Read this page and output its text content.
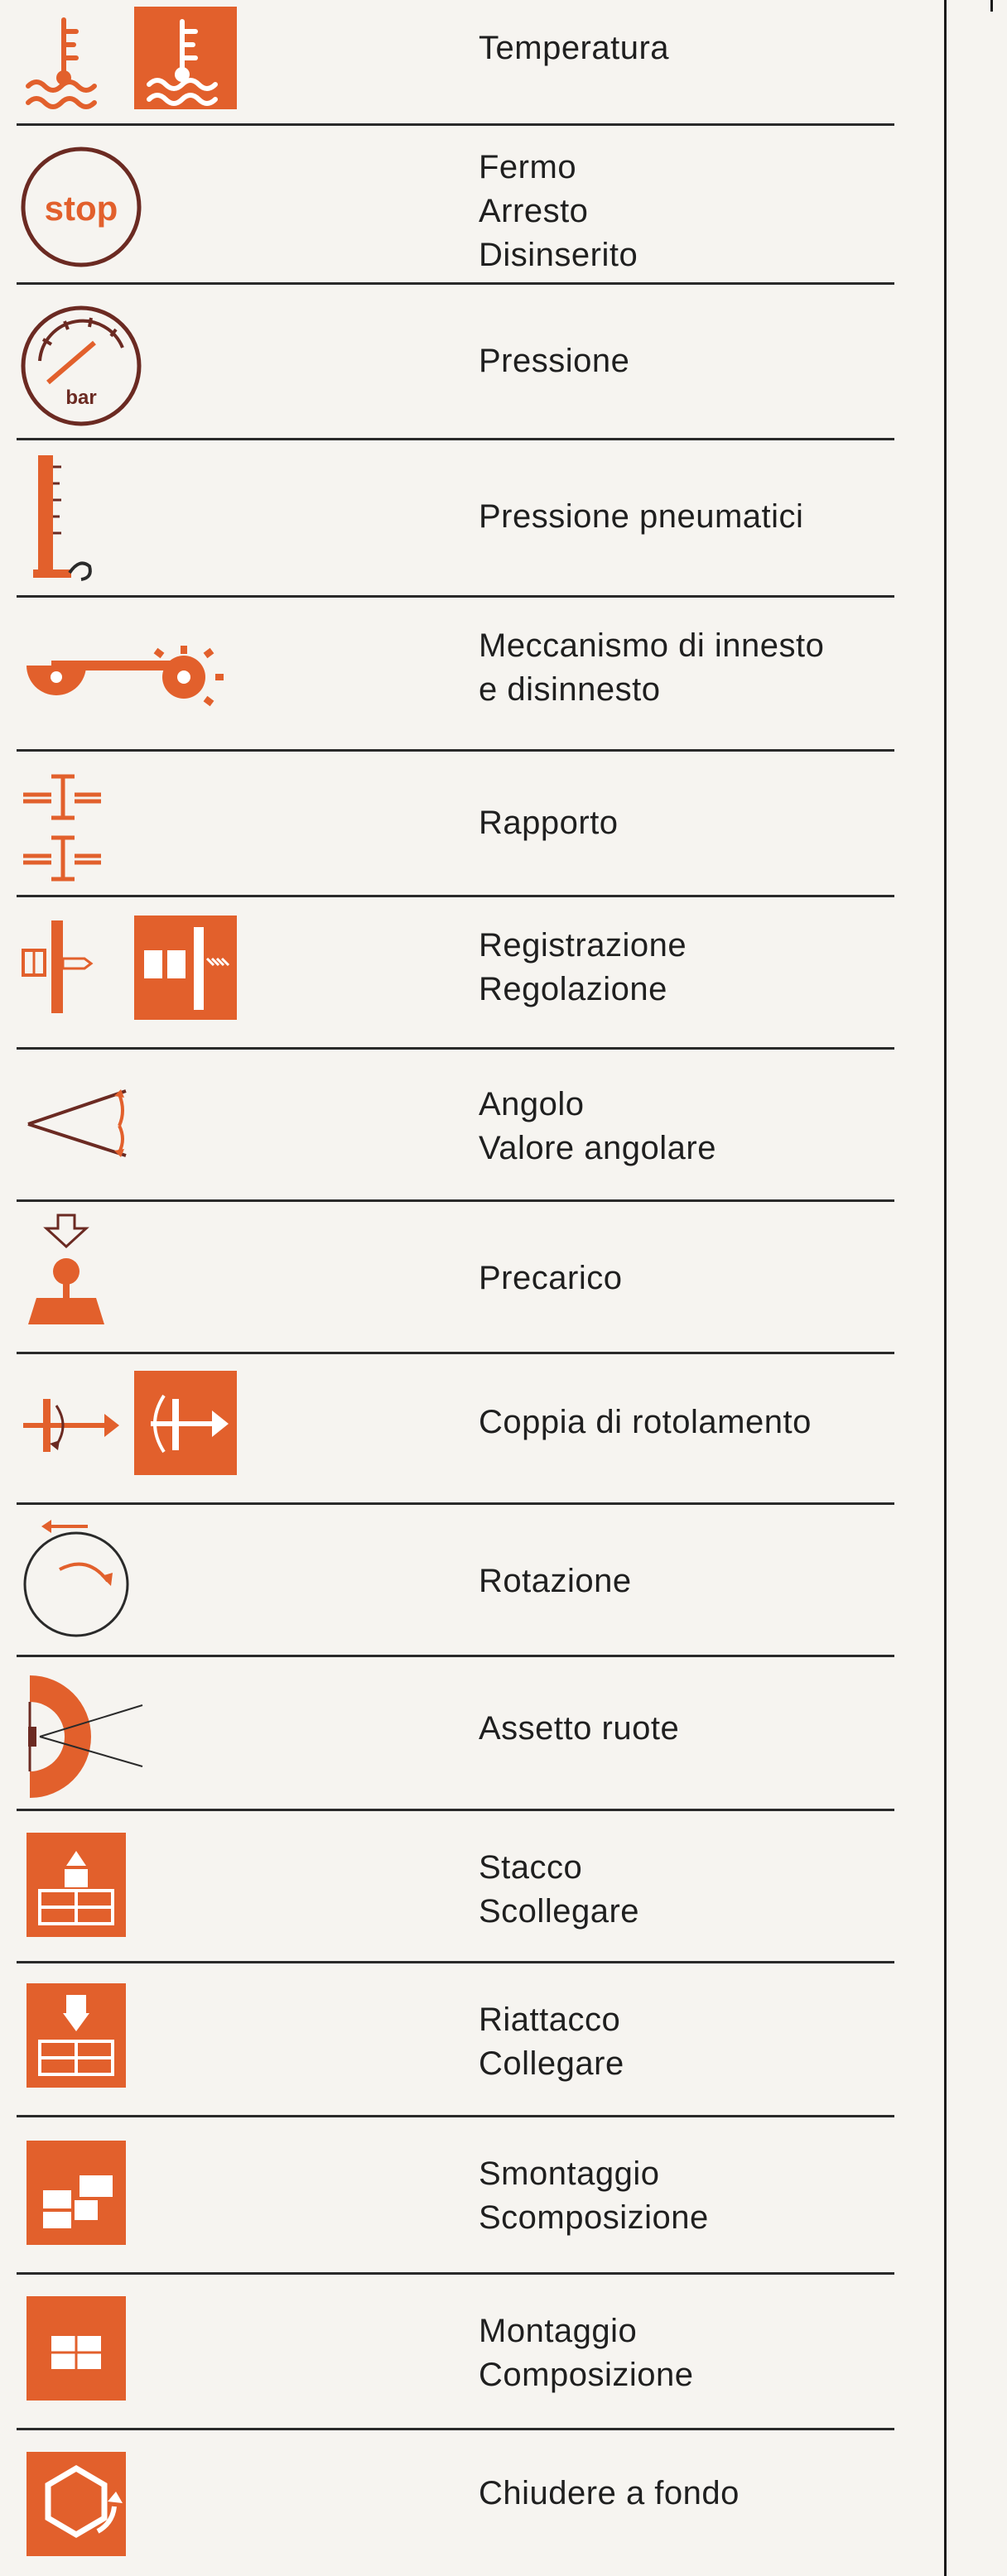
Temperatura
stop
Fermo
Arresto
Disinserito
bar
Pressione
Pressione pneumatici
Meccanismo di innesto
e disinnesto
Rapporto
Registrazione
Regolazione
Angolo
Valore angolare
Precarico
Coppia di rotolamento
Rotazione
Assetto ruote
Stacco
Scollegare
Riattacco
Collegare
Smontaggio
Scomposizione
Montaggio
Composizione
Chiudere a fondo
